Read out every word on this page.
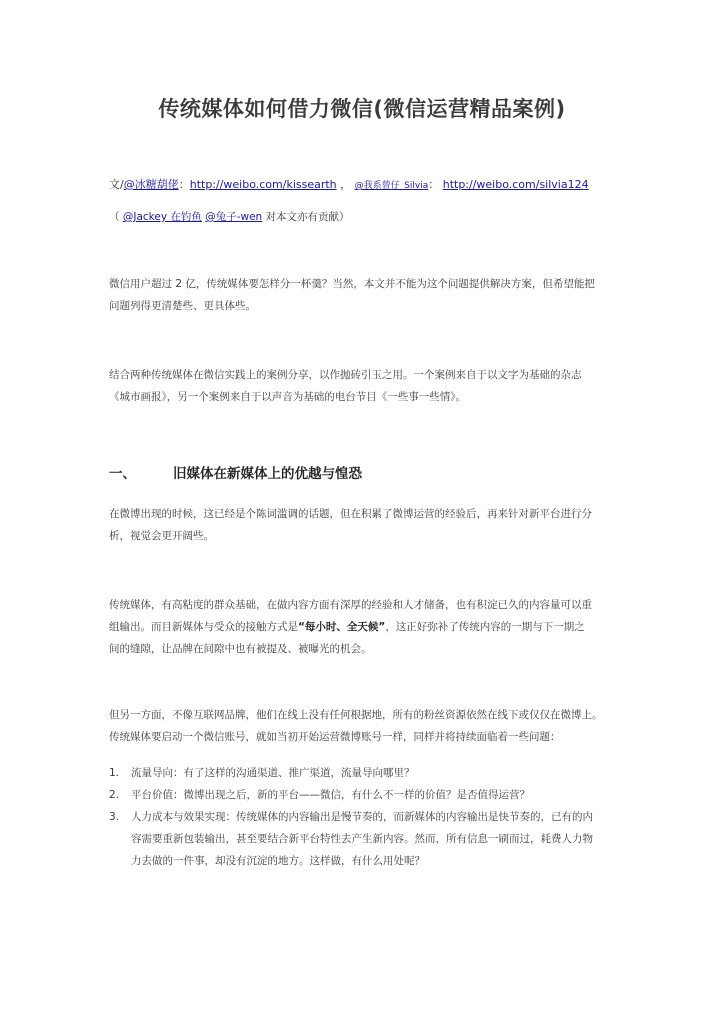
传统媒体如何借力微信(微信运营精品案例)
文/@冰糖葫佬：http://weibo.com/kissearth ， @我系曾仔_Silvia： http://weibo.com/silvia124
（ @Jackey 在钓鱼 @兔子-wen 对本文亦有贡献）

微信用户超过 2 亿，传统媒体要怎样分一杯羹？当然，本文并不能为这个问题提供解决方案，但希望能把

问题列得更清楚些、更具体些。

结合两种传统媒体在微信实践上的案例分享，以作抛砖引玉之用。一个案例来自于以文字为基础的杂志

《城市画报》，另一个案例来自于以声音为基础的电台节目《一些事一些情》。

一、	旧媒体在新媒体上的优越与惶恐

在微博出现的时候，这已经是个陈词滥调的话题，但在积累了微博运营的经验后，再来针对新平台进行分

析，视觉会更开阔些。

传统媒体，有高粘度的群众基础，在做内容方面有深厚的经验和人才储备，也有积淀已久的内容量可以重

组输出。而目新媒体与受众的接触方式是“每小时、全天候”，这正好弥补了传统内容的一期与下一期之

间的缝隙，让品牌在间隙中也有被提及、被曝光的机会。

但另一方面，不像互联网品牌，他们在线上没有任何根据地，所有的粉丝资源依然在线下或仅仅在微博上。

传统媒体要启动一个微信账号，就如当初开始运营微博账号一样，同样并将持续面临着一些问题：

1. 流量导向：有了这样的沟通渠道、推广渠道，流量导向哪里？

2. 平台价值：微博出现之后，新的平台——微信，有什么不一样的价值？是否值得运营？

3. 人力成本与效果实现：传统媒体的内容输出是慢节奏的，而新媒体的内容输出是快节奏的，已有的内

容需要重新包装输出，甚至要结合新平台特性去产生新内容。然而，所有信息一刷而过，耗费人力物

力去做的一件事，却没有沉淀的地方。这样做，有什么用处呢？
